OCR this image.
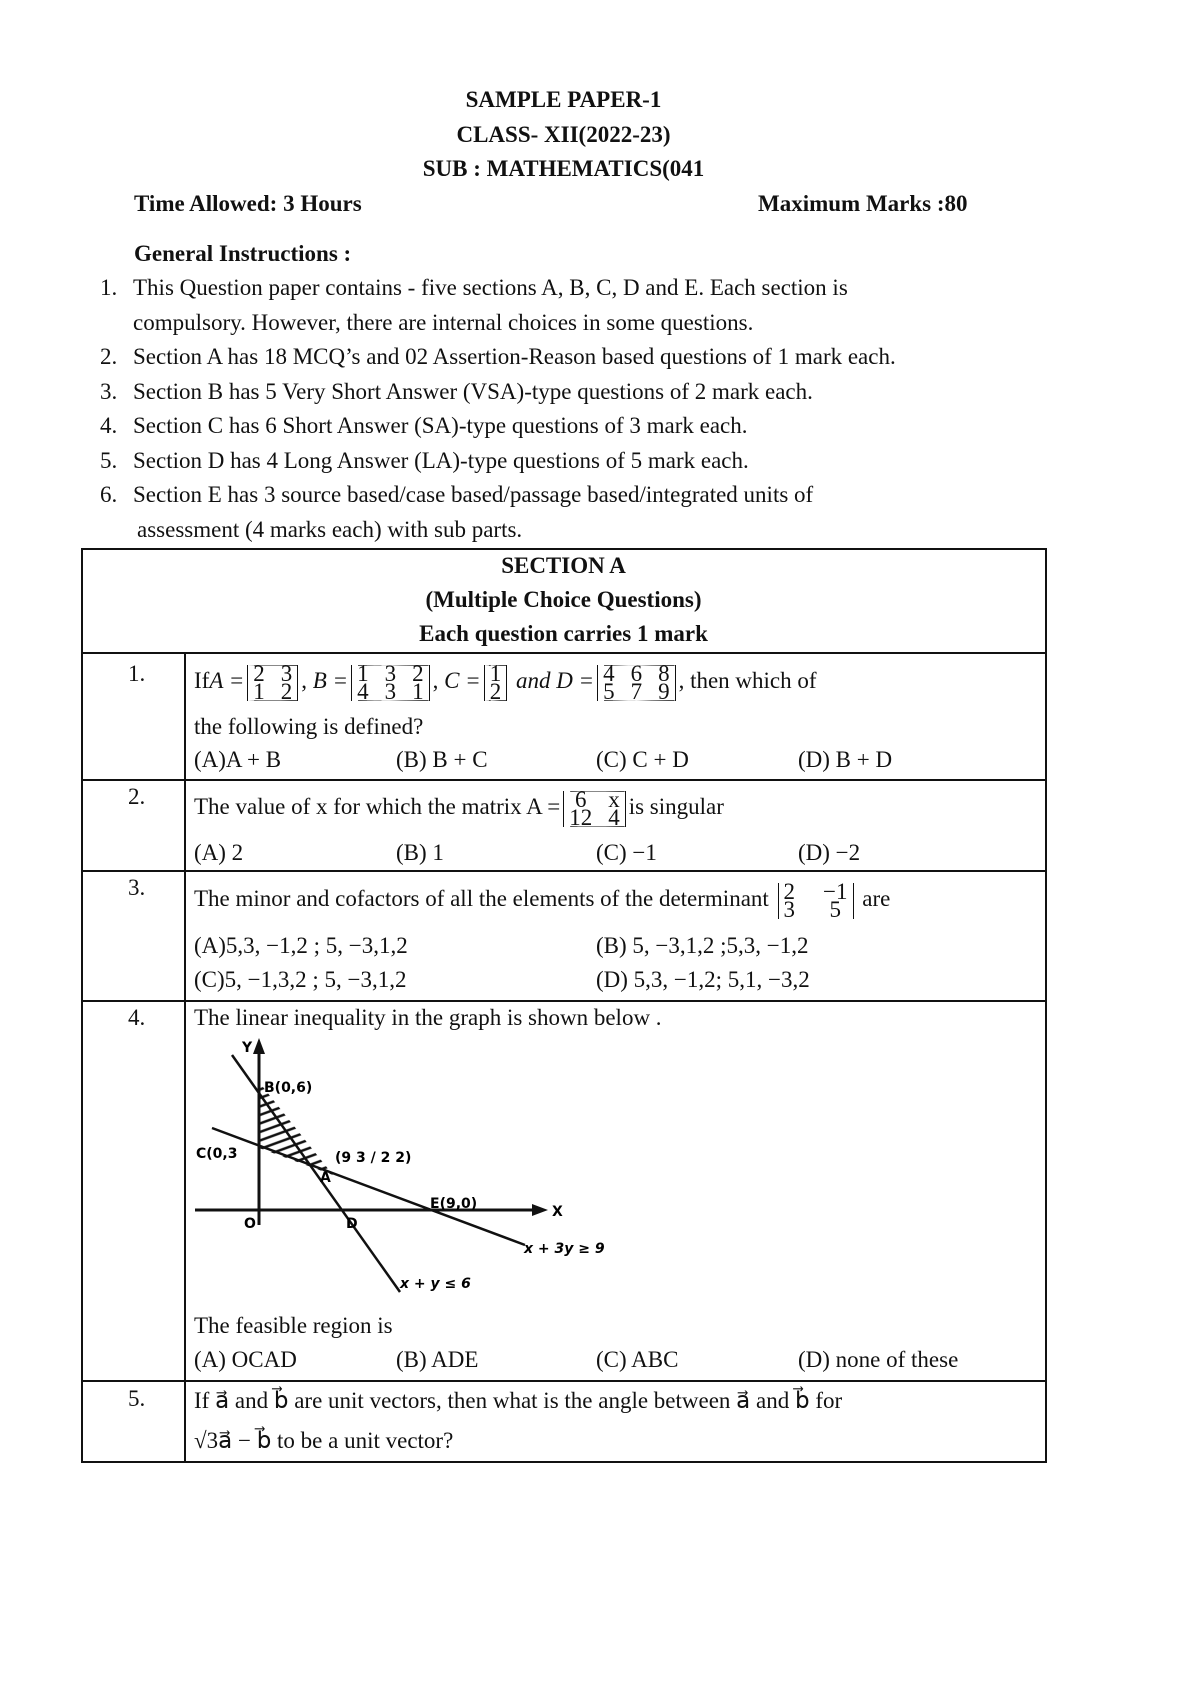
SAMPLE PAPER-1
CLASS- XII(2022-23)
SUB : MATHEMATICS(041
Time Allowed: 3 Hours	Maximum Marks :80
General Instructions :
1. This Question paper contains - five sections A, B, C, D and E. Each section is
compulsory. However, there are internal choices in some questions.
2. Section A has 18 MCQ’s and 02 Assertion-Reason based questions of 1 mark each.
3. Section B has 5 Very Short Answer (VSA)-type questions of 2 mark each.
4. Section C has 6 Short Answer (SA)-type questions of 3 mark each.
5. Section D has 4 Long Answer (LA)-type questions of 5 mark each.
6. Section E has 3 source based/case based/passage based/integrated units of
assessment (4 marks each) with sub parts.
SECTION A
(Multiple Choice Questions)
Each question carries 1 mark
1. IfA = 2 3
1 2 , B = 1 3 2
4 3 1 , C = 1
2 and D = 4 6 8
5 7 9 , then which of
the following is defined?
(A)A + B	(B) B + C	(C) C + D	(D) B + D
2. The value of x for which the matrix A = 6 x
12 4 is singular
(A) 2	(B) 1	(C) −1	(D) −2
3. The minor and cofactors of all the elements of the determinant 2 −1
3 5 are
(A)5,3, −1,2 ; 5, −3,1,2	(B) 5, −3,1,2 ;5,3, −1,2
(C)5, −1,3,2 ; 5, −3,1,2	(D) 5,3, −1,2; 5,1, −3,2
4. The linear inequality in the graph is shown below .
Y
X
B(0,6)
C(0,3
A
(9 3 / 2 2)
E(9,0)
O	D
x + 3y ≥ 9
x + y ≤ 6
The feasible region is
(A) OCAD	(B) ADE	(C) ABC	(D) none of these
5. If a⃗ and b⃗ are unit vectors, then what is the angle between a⃗ and b⃗ for
√3a⃗ − b⃗ to be a unit vector?
